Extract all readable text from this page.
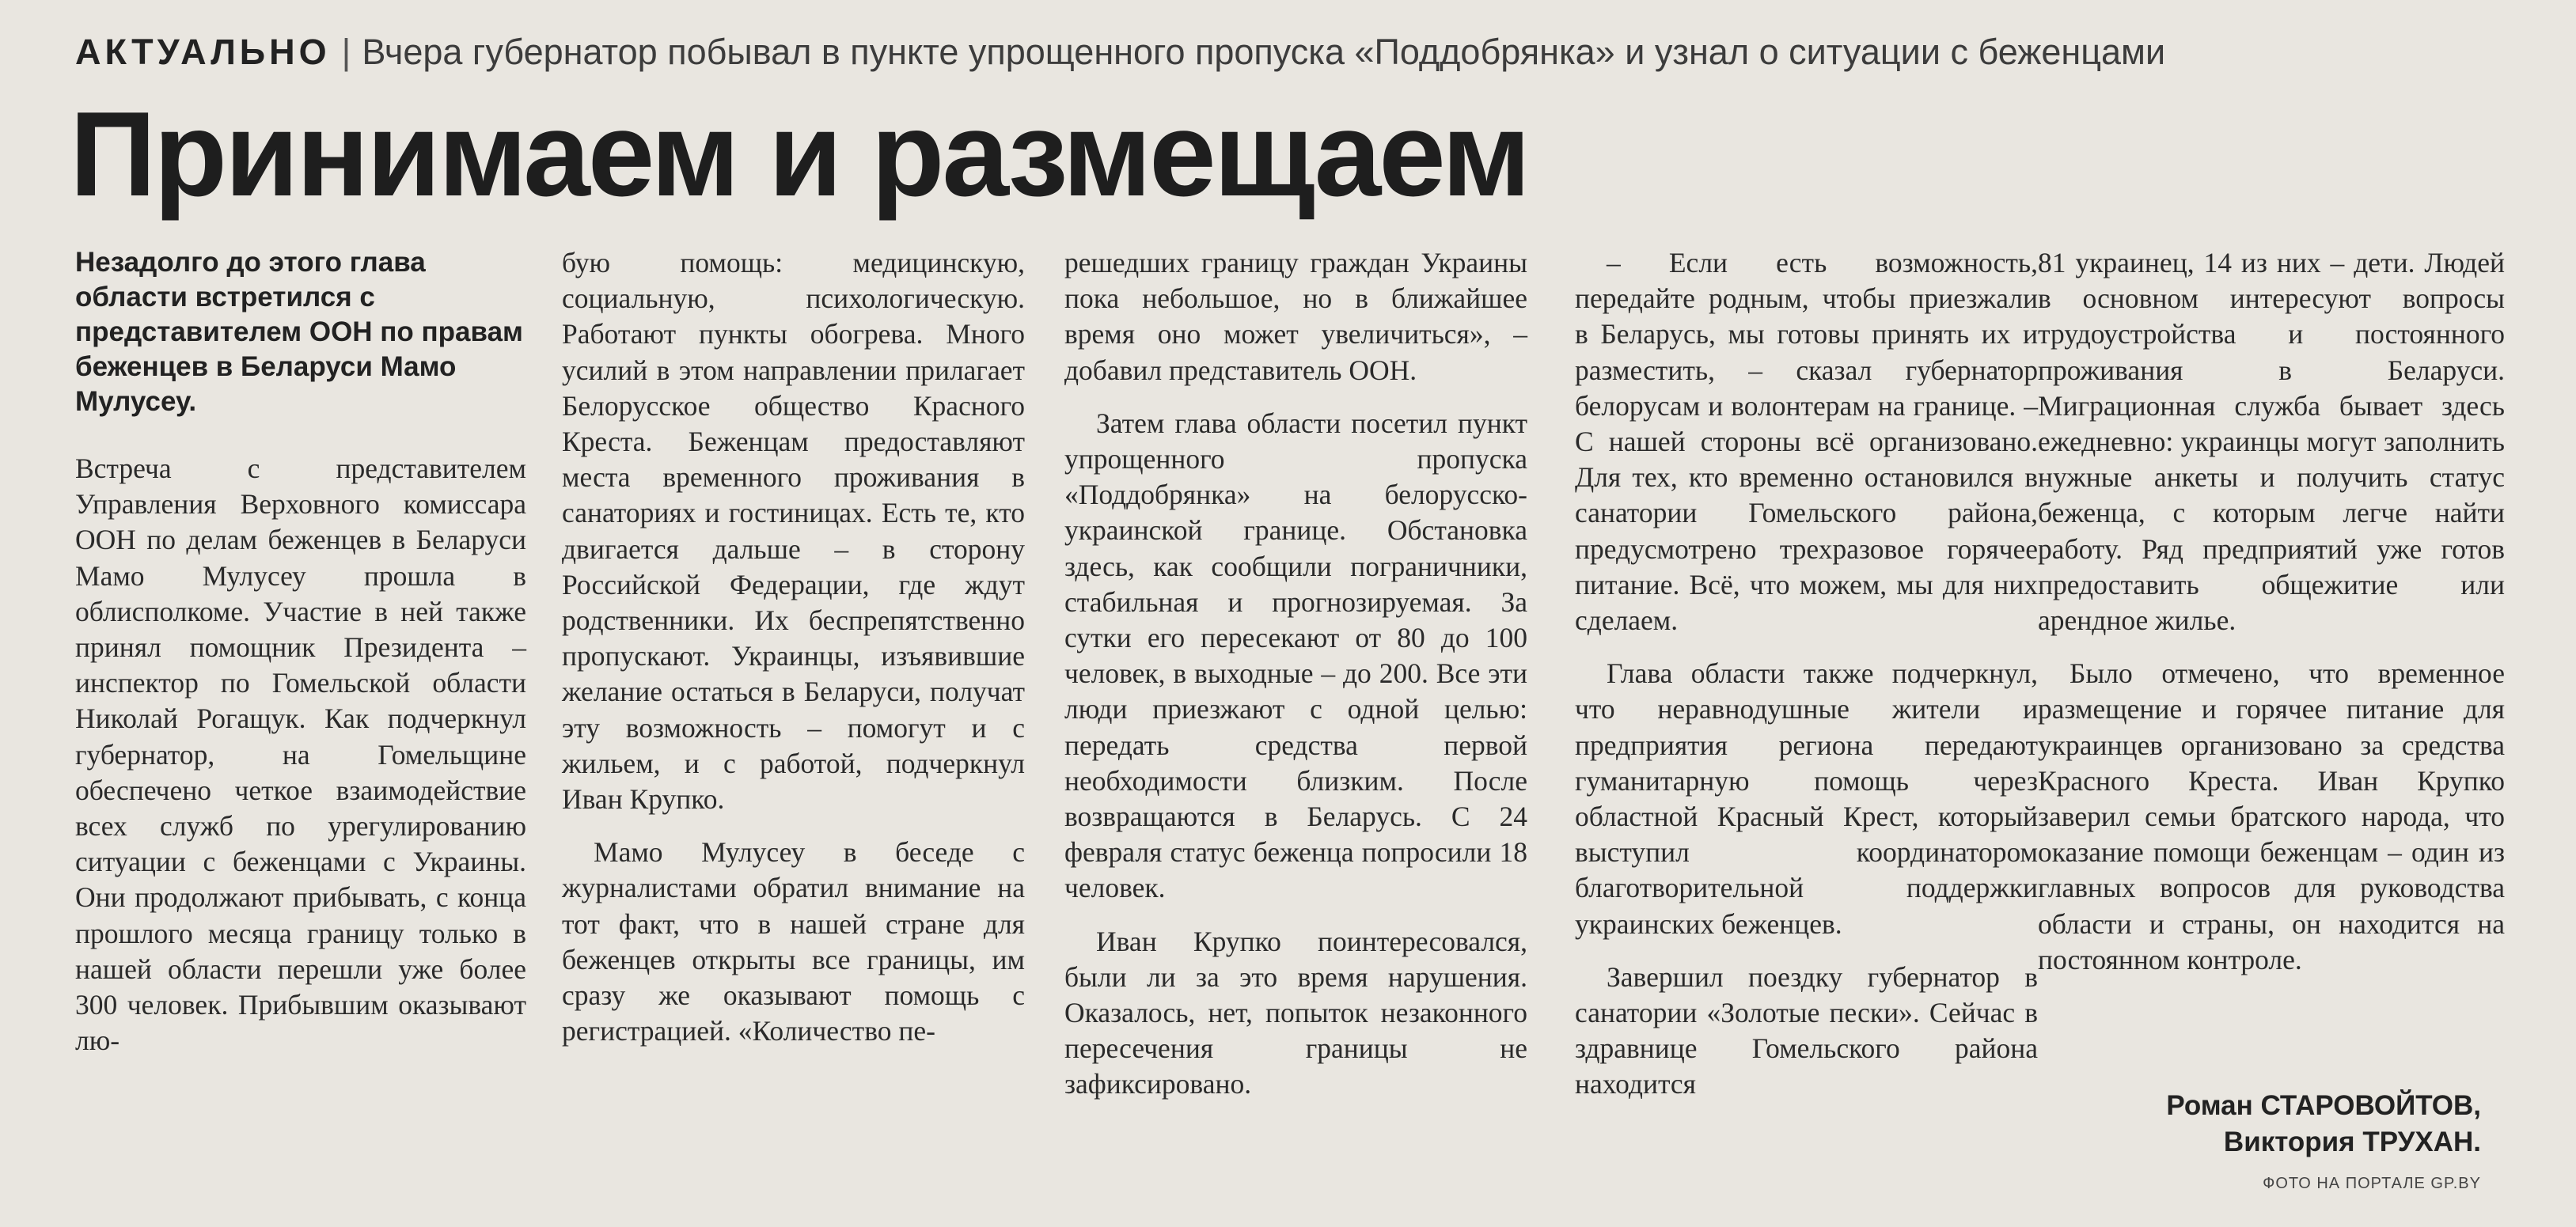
АКТУАЛЬНО | Вчера губернатор побывал в пункте упрощенного пропуска «Поддобрянка» и узнал о ситуации с беженцами
Принимаем и размещаем

Незадолго до этого глава области встретился с представителем ООН по правам беженцев в Беларуси Мамо Мулусеу.

Встреча с представителем Управления Верховного комиссара ООН по делам беженцев в Беларуси Мамо Мулусеу прошла в облисполкоме. Участие в ней также принял помощник Президента – инспектор по Гомельской области Николай Рогащук. Как подчеркнул губернатор, на Гомельщине обеспечено четкое взаимодействие всех служб по урегулированию ситуации с беженцами с Украины. Они продолжают прибывать, с конца прошлого месяца границу только в нашей области перешли уже более 300 человек. Прибывшим оказывают лю-

бую помощь: медицинскую, социальную, психологическую. Работают пункты обогрева. Много усилий в этом направлении прилагает Белорусское общество Красного Креста. Беженцам предоставляют места временного проживания в санаториях и гостиницах. Есть те, кто двигается дальше – в сторону Российской Федерации, где ждут родственники. Их беспрепятственно пропускают. Украинцы, изъявившие желание остаться в Беларуси, получат эту возможность – помогут и с жильем, и с работой, подчеркнул Иван Крупко.

Мамо Мулусеу в беседе с журналистами обратил внимание на тот факт, что в нашей стране для беженцев открыты все границы, им сразу же оказывают помощь с регистрацией. «Количество пе-

решедших границу граждан Украины пока небольшое, но в ближайшее время оно может увеличиться», – добавил представитель ООН.

Затем глава области посетил пункт упрощенного пропуска «Поддобрянка» на белорусско-украинской границе. Обстановка здесь, как сообщили пограничники, стабильная и прогнозируемая. За сутки его пересекают от 80 до 100 человек, в выходные – до 200. Все эти люди приезжают с одной целью: передать средства первой необходимости близким. После возвращаются в Беларусь. С 24 февраля статус беженца попросили 18 человек.

Иван Крупко поинтересовался, были ли за это время нарушения. Оказалось, нет, попыток незаконного пересечения границы не зафиксировано.

– Если есть возможность, передайте родным, чтобы приезжали в Беларусь, мы готовы принять их и разместить, – сказал губернатор белорусам и волонтерам на границе. – С нашей стороны всё организовано. Для тех, кто временно остановился в санатории Гомельского района, предусмотрено трехразовое горячее питание. Всё, что можем, мы для них сделаем.

Глава области также подчеркнул, что неравнодушные жители и предприятия региона передают гуманитарную помощь через областной Красный Крест, который выступил координатором благотворительной поддержки украинских беженцев.

Завершил поездку губернатор в санатории «Золотые пески». Сейчас в здравнице Гомельского района находится

81 украинец, 14 из них – дети. Людей в основном интересуют вопросы трудоустройства и постоянного проживания в Беларуси. Миграционная служба бывает здесь ежедневно: украинцы могут заполнить нужные анкеты и получить статус беженца, с которым легче найти работу. Ряд предприятий уже готов предоставить общежитие или арендное жилье.

Было отмечено, что временное размещение и горячее питание для украинцев организовано за средства Красного Креста. Иван Крупко заверил семьи братского народа, что оказание помощи беженцам – один из главных вопросов для руководства области и страны, он находится на постоянном контроле.

Роман СТАРОВОЙТОВ,
Виктория ТРУХАН.
ФОТО НА ПОРТАЛЕ GP.BY
